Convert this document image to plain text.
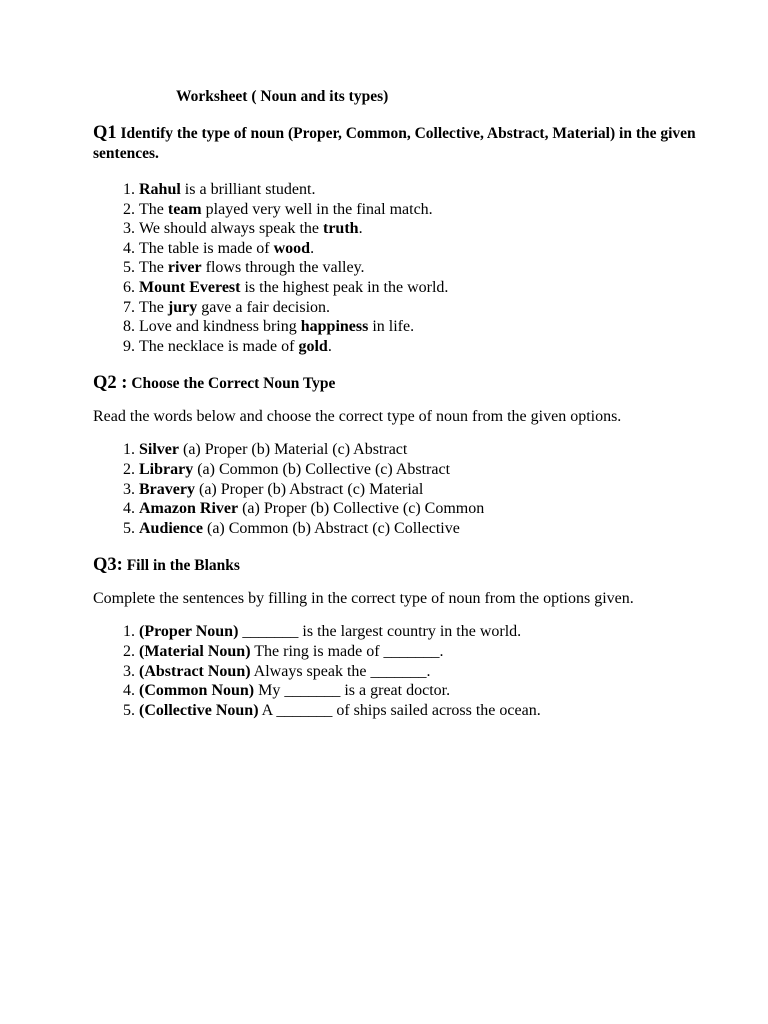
Worksheet ( Noun and its types)
Q1 Identify the type of noun (Proper, Common, Collective, Abstract, Material) in the given sentences.
1. Rahul is a brilliant student.
2. The team played very well in the final match.
3. We should always speak the truth.
4. The table is made of wood.
5. The river flows through the valley.
6. Mount Everest is the highest peak in the world.
7. The jury gave a fair decision.
8. Love and kindness bring happiness in life.
9. The necklace is made of gold.
Q2 : Choose the Correct Noun Type

Read the words below and choose the correct type of noun from the given options.

1. Silver (a) Proper (b) Material (c) Abstract
2. Library (a) Common (b) Collective (c) Abstract
3. Bravery (a) Proper (b) Abstract (c) Material
4. Amazon River (a) Proper (b) Collective (c) Common
5. Audience (a) Common (b) Abstract (c) Collective
Q3: Fill in the Blanks

Complete the sentences by filling in the correct type of noun from the options given.

1. (Proper Noun) _______ is the largest country in the world.
2. (Material Noun) The ring is made of _______.
3. (Abstract Noun) Always speak the _______.
4. (Common Noun) My _______ is a great doctor.
5. (Collective Noun) A _______ of ships sailed across the ocean.
